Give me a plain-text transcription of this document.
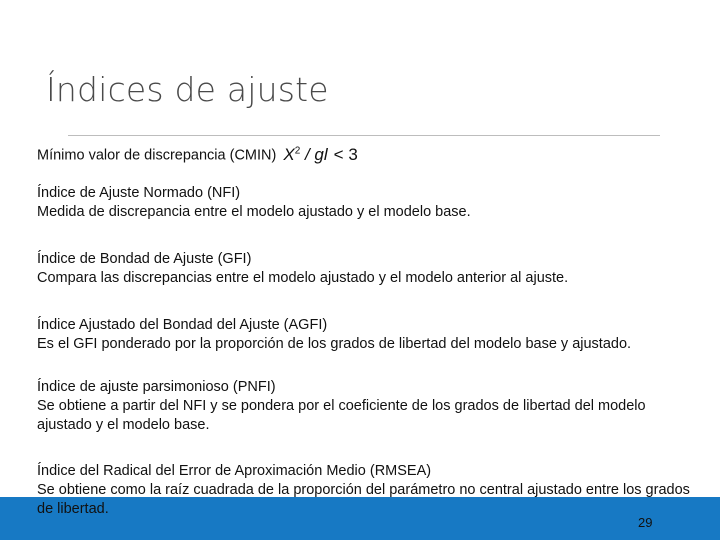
Índices de ajuste
Mínimo valor de discrepancia (CMIN) $X^2$ / gl < 3
Índice de Ajuste Normado (NFI)
Medida de discrepancia entre el modelo ajustado y el modelo base.
Índice de Bondad de Ajuste (GFI)
Compara las discrepancias entre el modelo ajustado y el modelo anterior al ajuste.
Índice Ajustado del Bondad del Ajuste (AGFI)
Es el GFI ponderado por la proporción de los grados de libertad del modelo base y ajustado.
Índice de ajuste parsimonioso (PNFI)
Se obtiene a partir del NFI y se pondera por el coeficiente de los grados de libertad del modelo ajustado y el modelo base.
Índice del Radical del Error de Aproximación Medio (RMSEA)
Se obtiene como la raíz cuadrada de la proporción del parámetro no central ajustado entre los grados de libertad.
29
